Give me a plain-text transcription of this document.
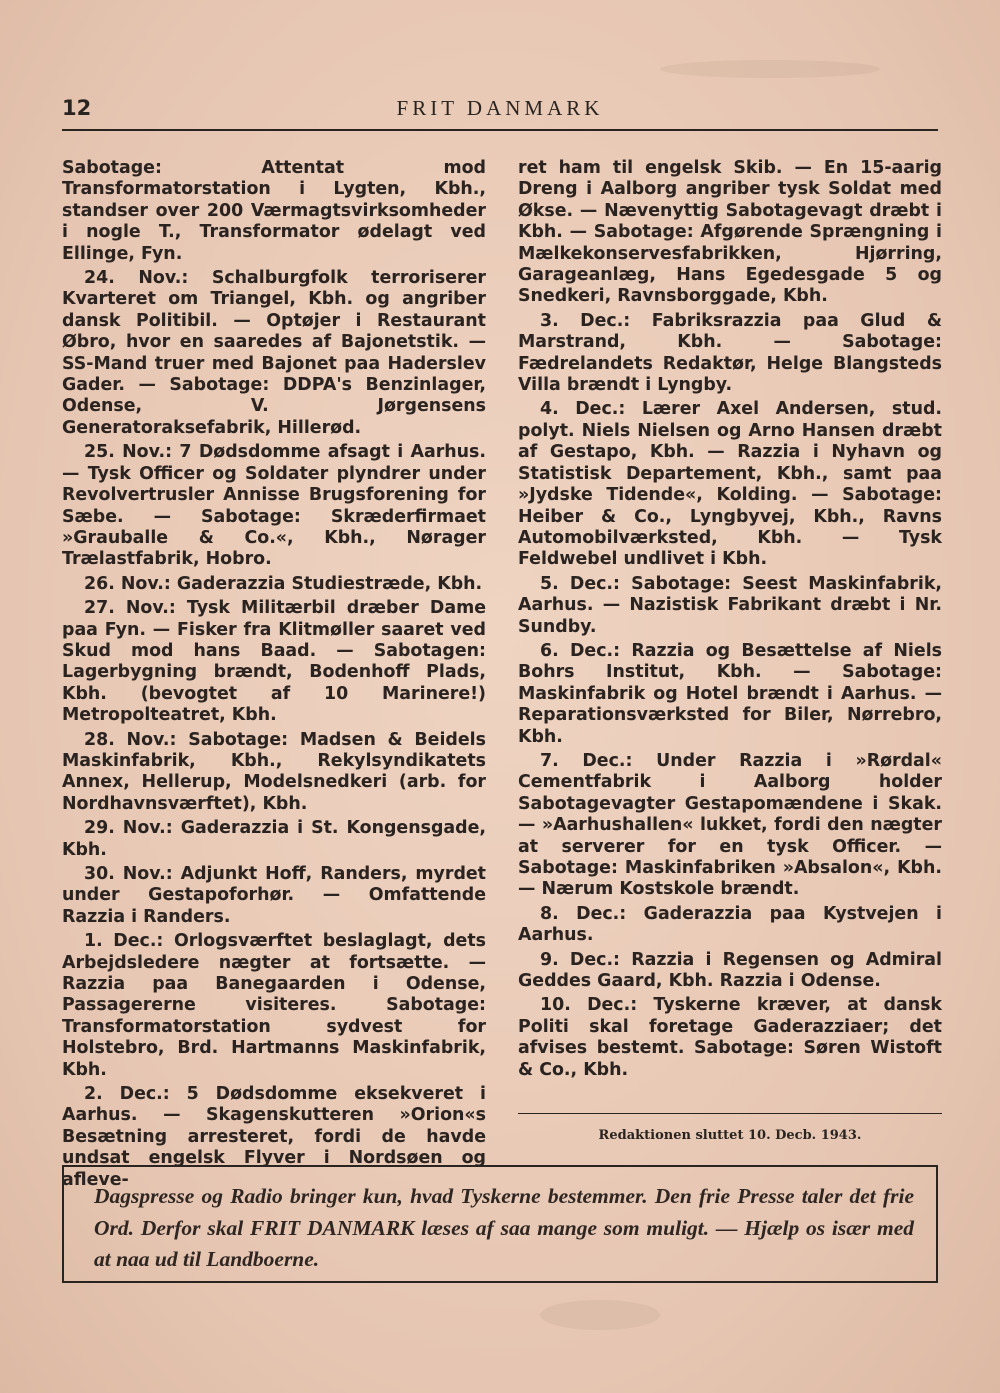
12	FRIT DANMARK

Sabotage: Attentat mod Transformatorstation i Lygten, Kbh., standser over 200 Værmagtsvirksomheder i nogle T., Transformator ødelagt ved Ellinge, Fyn.

24. Nov.: Schalburgfolk terroriserer Kvarteret om Triangel, Kbh. og angriber dansk Politibil. — Optøjer i Restaurant Øbro, hvor en saaredes af Bajonetstik. — SS-Mand truer med Bajonet paa Haderslev Gader. — Sabotage: DDPA's Benzinlager, Odense, V. Jørgensens Generatoraksefabrik, Hillerød.

25. Nov.: 7 Dødsdomme afsagt i Aarhus. — Tysk Officer og Soldater plyndrer under Revolvertrusler Annisse Brugsforening for Sæbe. — Sabotage: Skræderfirmaet »Grauballe & Co.«, Kbh., Nørager Trælastfabrik, Hobro.

26. Nov.: Gaderazzia Studiestræde, Kbh.

27. Nov.: Tysk Militærbil dræber Dame paa Fyn. — Fisker fra Klitmøller saaret ved Skud mod hans Baad. — Sabotagen: Lagerbygning brændt, Bodenhoff Plads, Kbh. (bevogtet af 10 Marinere!) Metropolteatret, Kbh.

28. Nov.: Sabotage: Madsen & Beidels Maskinfabrik, Kbh., Rekylsyndikatets Annex, Hellerup, Modelsnedkeri (arb. for Nordhavnsværftet), Kbh.

29. Nov.: Gaderazzia i St. Kongensgade, Kbh.

30. Nov.: Adjunkt Hoff, Randers, myrdet under Gestapoforhør. — Omfattende Razzia i Randers.

1. Dec.: Orlogsværftet beslaglagt, dets Arbejdsledere nægter at fortsætte. — Razzia paa Banegaarden i Odense, Passagererne visiteres. Sabotage: Transformatorstation sydvest for Holstebro, Brd. Hartmanns Maskinfabrik, Kbh.

2. Dec.: 5 Dødsdomme eksekveret i Aarhus. — Skagenskutteren »Orion«s Besætning arresteret, fordi de havde undsat engelsk Flyver i Nordsøen og afleve-

ret ham til engelsk Skib. — En 15-aarig Dreng i Aalborg angriber tysk Soldat med Økse. — Nævenyttig Sabotagevagt dræbt i Kbh. — Sabotage: Afgørende Sprængning i Mælkekonservesfabrikken, Hjørring, Garageanlæg, Hans Egedesgade 5 og Snedkeri, Ravnsborggade, Kbh.

3. Dec.: Fabriksrazzia paa Glud & Marstrand, Kbh. — Sabotage: Fædrelandets Redaktør, Helge Blangsteds Villa brændt i Lyngby.

4. Dec.: Lærer Axel Andersen, stud. polyt. Niels Nielsen og Arno Hansen dræbt af Gestapo, Kbh. — Razzia i Nyhavn og Statistisk Departement, Kbh., samt paa »Jydske Tidende«, Kolding. — Sabotage: Heiber & Co., Lyngbyvej, Kbh., Ravns Automobilværksted, Kbh. — Tysk Feldwebel undlivet i Kbh.

5. Dec.: Sabotage: Seest Maskinfabrik, Aarhus. — Nazistisk Fabrikant dræbt i Nr. Sundby.

6. Dec.: Razzia og Besættelse af Niels Bohrs Institut, Kbh. — Sabotage: Maskinfabrik og Hotel brændt i Aarhus. — Reparationsværksted for Biler, Nørrebro, Kbh.

7. Dec.: Under Razzia i »Rørdal« Cementfabrik i Aalborg holder Sabotagevagter Gestapomændene i Skak. — »Aarhushallen« lukket, fordi den nægter at serverer for en tysk Officer. — Sabotage: Maskinfabriken »Absalon«, Kbh. — Nærum Kostskole brændt.

8. Dec.: Gaderazzia paa Kystvejen i Aarhus.

9. Dec.: Razzia i Regensen og Admiral Geddes Gaard, Kbh. Razzia i Odense.

10. Dec.: Tyskerne kræver, at dansk Politi skal foretage Gaderazziaer; det afvises bestemt. Sabotage: Søren Wistoft & Co., Kbh.

Redaktionen sluttet 10. Decb. 1943.

Dagspresse og Radio bringer kun, hvad Tyskerne bestemmer. Den frie Presse taler det frie Ord. Derfor skal FRIT DANMARK læses af saa mange som muligt. — Hjælp os især med at naa ud til Landboerne.
